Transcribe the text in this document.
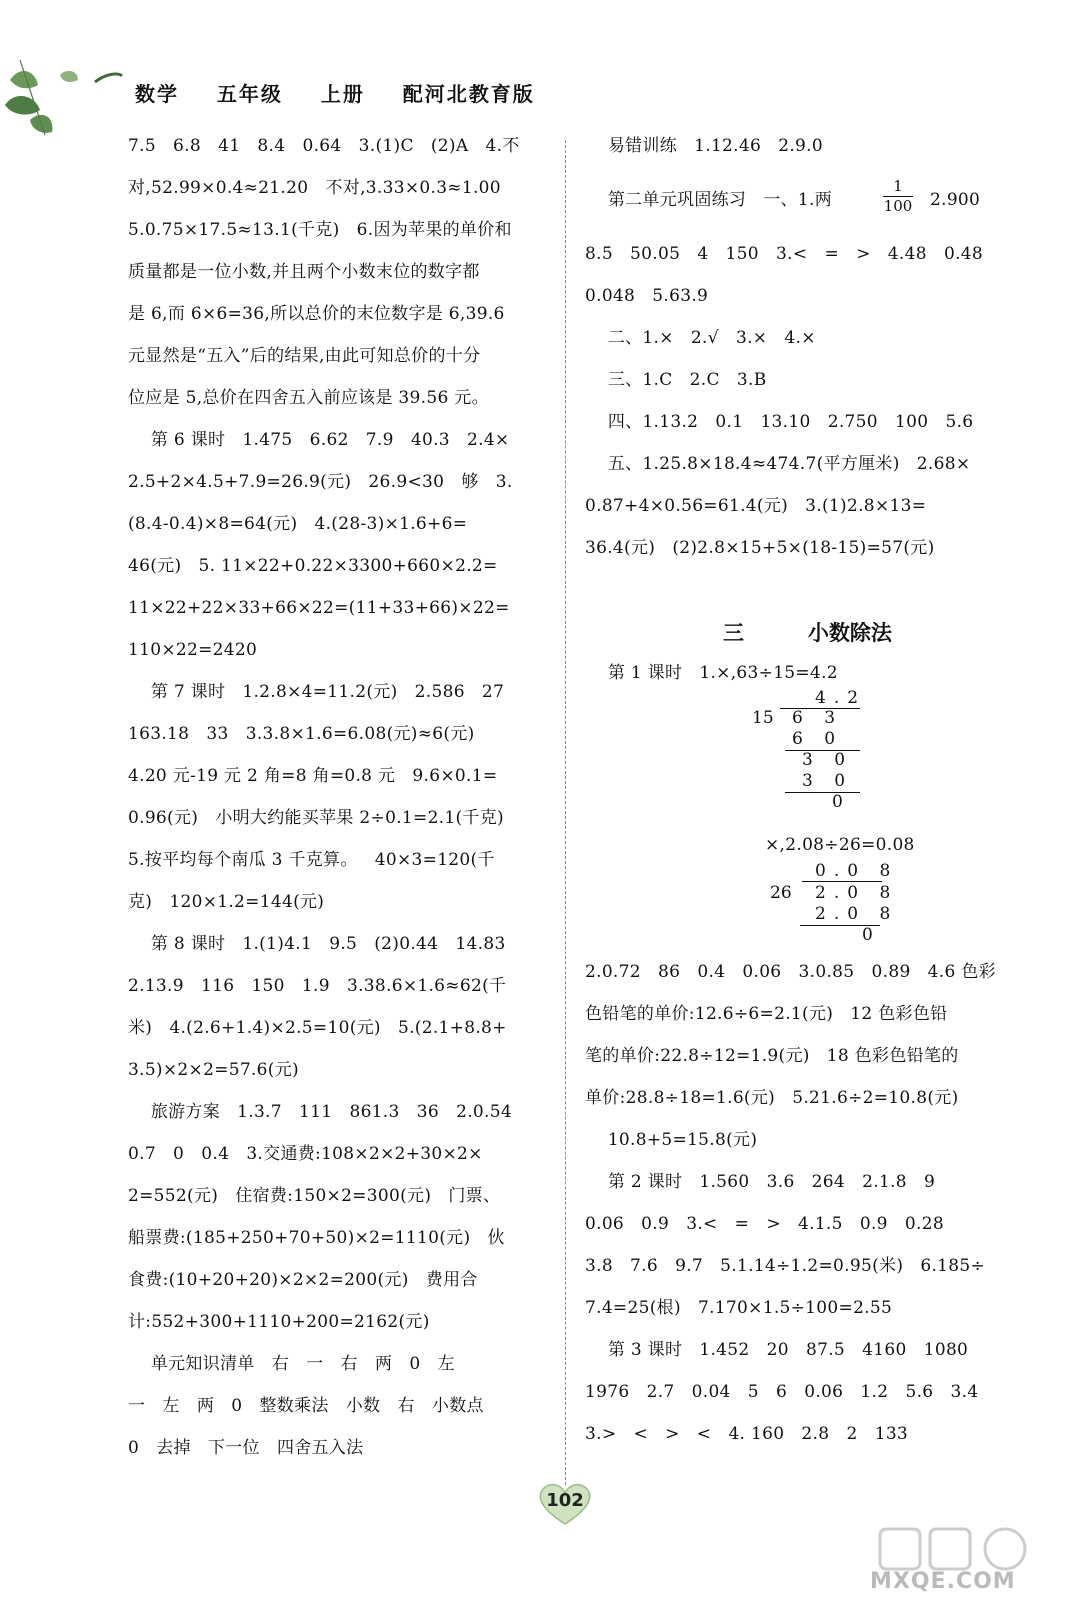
数学  五年级  上册  配河北教育版
7.5   6.8   41   8.4   0.64   3.(1)C   (2)A   4.不
对,52.99×0.4≈21.20   不对,3.33×0.3≈1.00
5.0.75×17.5≈13.1(千克)   6.因为苹果的单价和
质量都是一位小数,并且两个小数末位的数字都
是 6,而 6×6=36,所以总价的末位数字是 6,39.6
元显然是“五入”后的结果,由此可知总价的十分
位应是 5,总价在四舍五入前应该是 39.56 元。
第 6 课时   1.475   6.62   7.9   40.3   2.4×
2.5+2×4.5+7.9=26.9(元)   26.9<30   够   3.
(8.4-0.4)×8=64(元)   4.(28-3)×1.6+6=
46(元)   5. 11×22+0.22×3300+660×2.2=
11×22+22×33+66×22=(11+33+66)×22=
110×22=2420
第 7 课时   1.2.8×4=11.2(元)   2.586   27
163.18   33   3.3.8×1.6=6.08(元)≈6(元)
4.20 元-19 元 2 角=8 角=0.8 元   9.6×0.1=
0.96(元)   小明大约能买苹果 2÷0.1=2.1(千克)
5.按平均每个南瓜 3 千克算。   40×3=120(千
克)   120×1.2=144(元)
第 8 课时   1.(1)4.1   9.5   (2)0.44   14.83
2.13.9   116   150   1.9   3.38.6×1.6≈62(千
米)   4.(2.6+1.4)×2.5=10(元)   5.(2.1+8.8+
3.5)×2×2=57.6(元)
旅游方案   1.3.7   111   861.3   36   2.0.54
0.7   0   0.4   3.交通费:108×2×2+30×2×
2=552(元)   住宿费:150×2=300(元)   门票、
船票费:(185+250+70+50)×2=1110(元)   伙
食费:(10+20+20)×2×2=200(元)   费用合
计:552+300+1110+200=2162(元)
单元知识清单   右   一   右   两   0   左
一   左   两   0   整数乘法   小数   右   小数点
0   去掉   下一位   四舍五入法
易错训练   1.12.46   2.9.0
第二单元巩固练习   一、1.两	$\frac{1}{100} 2.900$
三   小数除法
第 1 课时   1.×,63÷15=4.2
4.2
15 6 3
6 0
3 0
3 0
0
×,2.08÷26=0.08
0.0 8
26 2.0 8
2.0 8
0
8.5   50.05   4   150   3.<   =   >   4.48   0.48
0.048   5.63.9
二、1.×   2.√   3.×   4.×
三、1.C   2.C   3.B
四、1.13.2   0.1   13.10   2.750   100   5.6
五、1.25.8×18.4≈474.7(平方厘米)   2.68×
0.87+4×0.56=61.4(元)   3.(1)2.8×13=
36.4(元)   (2)2.8×15+5×(18-15)=57(元)
2.0.72   86   0.4   0.06   3.0.85   0.89   4.6 色彩
色铅笔的单价:12.6÷6=2.1(元)   12 色彩色铅
笔的单价:22.8÷12=1.9(元)   18 色彩色铅笔的
单价:28.8÷18=1.6(元)   5.21.6÷2=10.8(元)
10.8+5=15.8(元)
第 2 课时   1.560   3.6   264   2.1.8   9
0.06   0.9   3.<   =   >   4.1.5   0.9   0.28
3.8   7.6   9.7   5.1.14÷1.2=0.95(米)   6.185÷
7.4=25(根)   7.170×1.5÷100=2.55
第 3 课时   1.452   20   87.5   4160   1080
1976   2.7   0.04   5   6   0.06   1.2   5.6   3.4
3.>   <   >   <   4. 160   2.8   2   133
102
MXQE.COM
